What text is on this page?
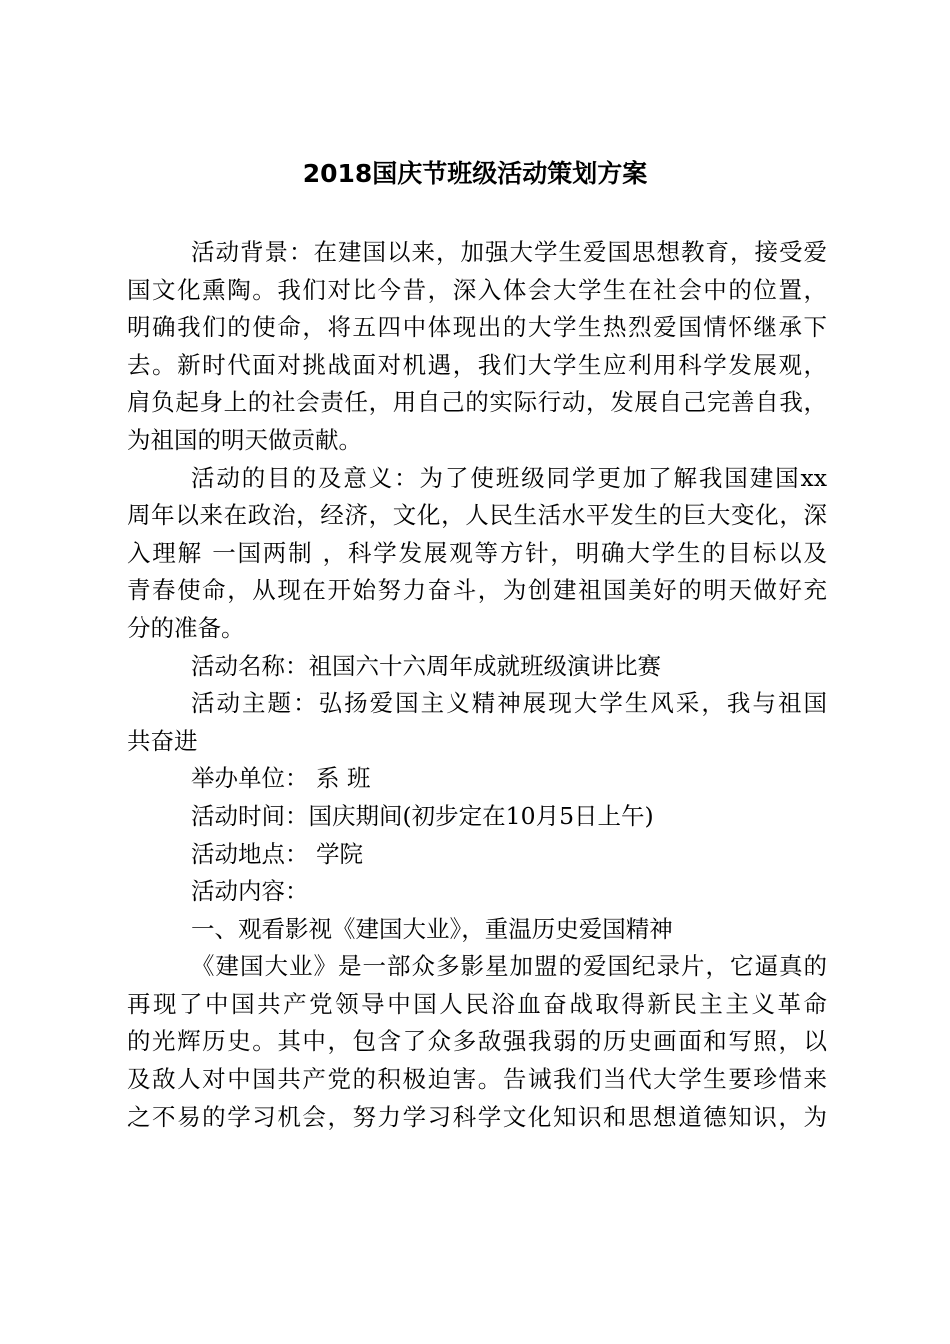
2018国庆节班级活动策划方案
活动背景：在建国以来，加强大学生爱国思想教育，接受爱
国文化熏陶。我们对比今昔，深入体会大学生在社会中的位置，
明确我们的使命，将五四中体现出的大学生热烈爱国情怀继承下
去。新时代面对挑战面对机遇，我们大学生应利用科学发展观，
肩负起身上的社会责任，用自己的实际行动，发展自己完善自我，
为祖国的明天做贡献。
活动的目的及意义：为了使班级同学更加了解我国建国xx
周年以来在政治，经济，文化，人民生活水平发生的巨大变化，深
入理解 一国两制 ，科学发展观等方针，明确大学生的目标以及
青春使命，从现在开始努力奋斗，为创建祖国美好的明天做好充
分的准备。
活动名称：祖国六十六周年成就班级演讲比赛
活动主题：弘扬爱国主义精神展现大学生风采，我与祖国
共奋进
举办单位： 系 班
活动时间：国庆期间(初步定在10月5日上午)
活动地点： 学院
活动内容：
一、观看影视《建国大业》，重温历史爱国精神
《建国大业》是一部众多影星加盟的爱国纪录片，它逼真的
再现了中国共产党领导中国人民浴血奋战取得新民主主义革命
的光辉历史。其中，包含了众多敌强我弱的历史画面和写照，以
及敌人对中国共产党的积极迫害。告诫我们当代大学生要珍惜来
之不易的学习机会，努力学习科学文化知识和思想道德知识，为
